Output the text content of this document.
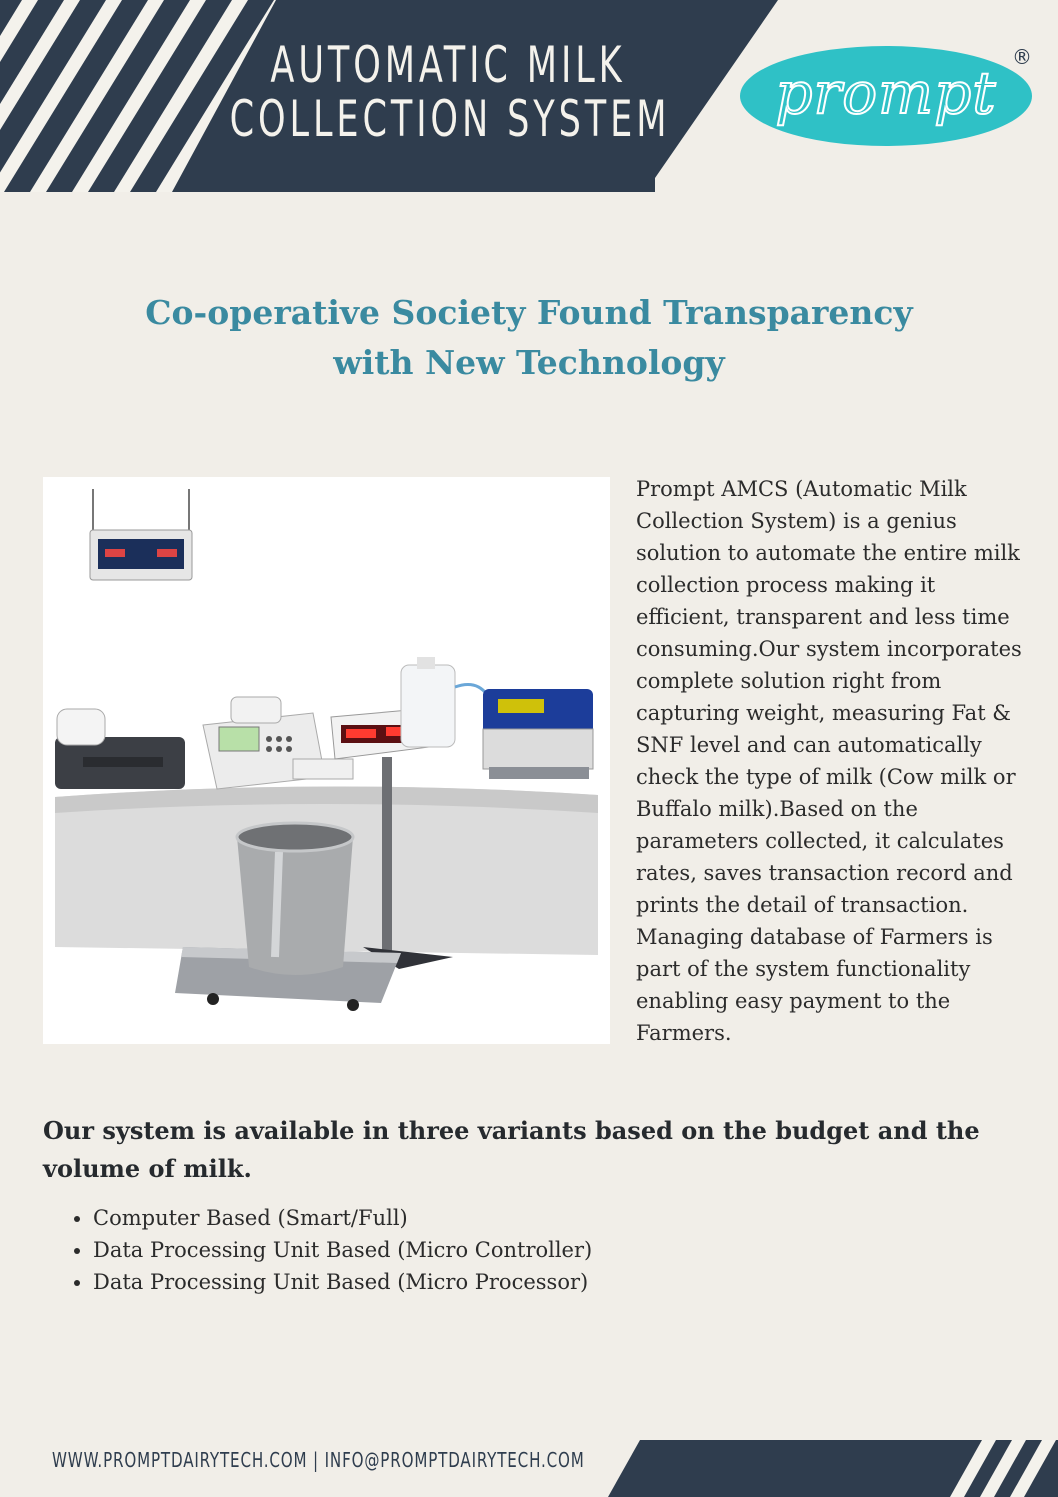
AUTOMATIC MILK
COLLECTION SYSTEM	prompt
®
Co-operative Society Found Transparency
with New Technology
Prompt AMCS (Automatic Milk Collection System) is a genius solution to automate the entire milk collection process making it efficient, transparent and less time consuming.Our system incorporates complete solution right from capturing weight, measuring Fat & SNF level and can automatically check the type of milk (Cow milk or Buffalo milk).Based on the parameters collected, it calculates rates, saves transaction record and prints the detail of transaction. Managing database of Farmers is part of the system functionality enabling easy payment to the Farmers.
Our system is available in three variants based on the budget and the volume of milk.
• Computer Based (Smart/Full)
• Data Processing Unit Based (Micro Controller)
• Data Processing Unit Based (Micro Processor)
WWW.PROMPTDAIRYTECH.COM | INFO@PROMPTDAIRYTECH.COM
